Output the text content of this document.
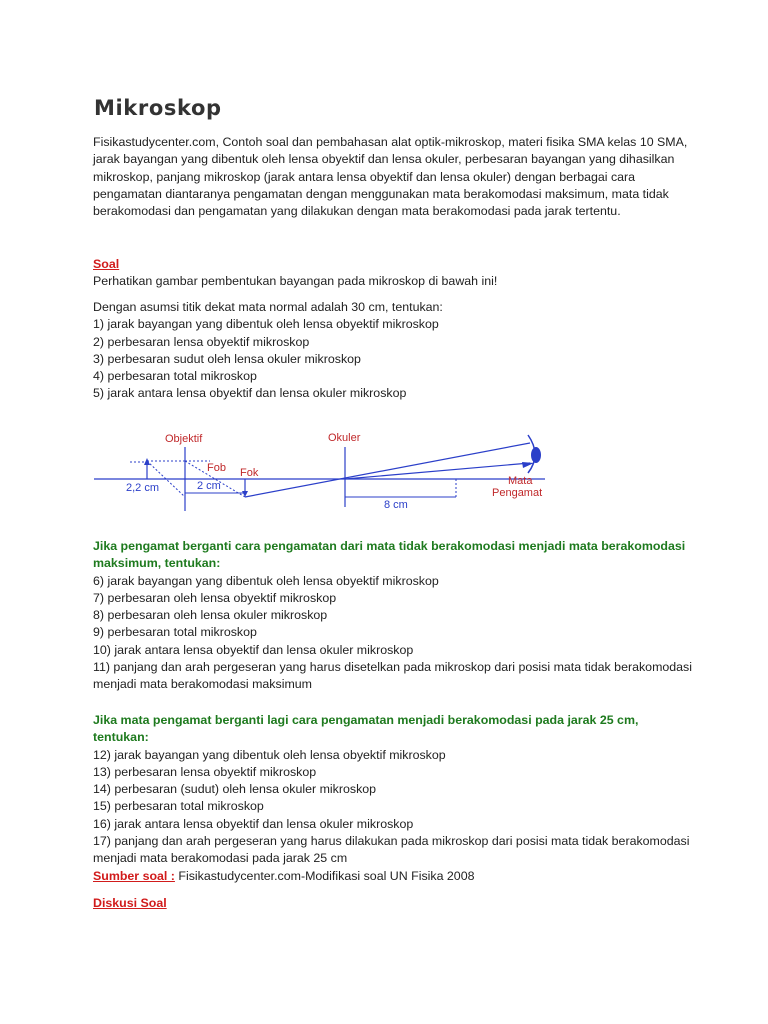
Mikroskop
Fisikastudycenter.com, Contoh soal dan pembahasan alat optik-mikroskop, materi fisika SMA kelas 10 SMA, jarak bayangan yang dibentuk oleh lensa obyektif dan lensa okuler, perbesaran bayangan yang dihasilkan mikroskop, panjang mikroskop (jarak antara lensa obyektif dan lensa okuler) dengan berbagai cara pengamatan diantaranya pengamatan dengan menggunakan mata berakomodasi maksimum, mata tidak berakomodasi dan pengamatan yang dilakukan dengan mata berakomodasi pada jarak tertentu.
Soal
Perhatikan gambar pembentukan bayangan pada mikroskop di bawah ini!
Dengan asumsi titik dekat mata normal adalah 30 cm, tentukan:
1) jarak bayangan yang dibentuk oleh lensa obyektif mikroskop
2) perbesaran lensa obyektif mikroskop
3) perbesaran sudut oleh lensa okuler mikroskop
4) perbesaran total mikroskop
5) jarak antara lensa obyektif dan lensa okuler mikroskop
Objektif	Okuler
Fob Fok
2,2 cm	2 cm
8 cm
Mata
Pengamat
Jika pengamat berganti cara pengamatan dari mata tidak berakomodasi menjadi mata berakomodasi maksimum, tentukan:
6) jarak bayangan yang dibentuk oleh lensa obyektif mikroskop
7) perbesaran oleh lensa obyektif mikroskop
8) perbesaran oleh lensa okuler mikroskop
9) perbesaran total mikroskop
10) jarak antara lensa obyektif dan lensa okuler mikroskop
11) panjang dan arah pergeseran yang harus disetelkan pada mikroskop dari posisi mata tidak berakomodasi menjadi mata berakomodasi maksimum
Jika mata pengamat berganti lagi cara pengamatan menjadi berakomodasi pada jarak 25 cm, tentukan:
12) jarak bayangan yang dibentuk oleh lensa obyektif mikroskop
13) perbesaran lensa obyektif mikroskop
14) perbesaran (sudut) oleh lensa okuler mikroskop
15) perbesaran total mikroskop
16) jarak antara lensa obyektif dan lensa okuler mikroskop
17) panjang dan arah pergeseran yang harus dilakukan pada mikroskop dari posisi mata tidak berakomodasi menjadi mata berakomodasi pada jarak 25 cm
Sumber soal : Fisikastudycenter.com-Modifikasi soal UN Fisika 2008
Diskusi Soal
